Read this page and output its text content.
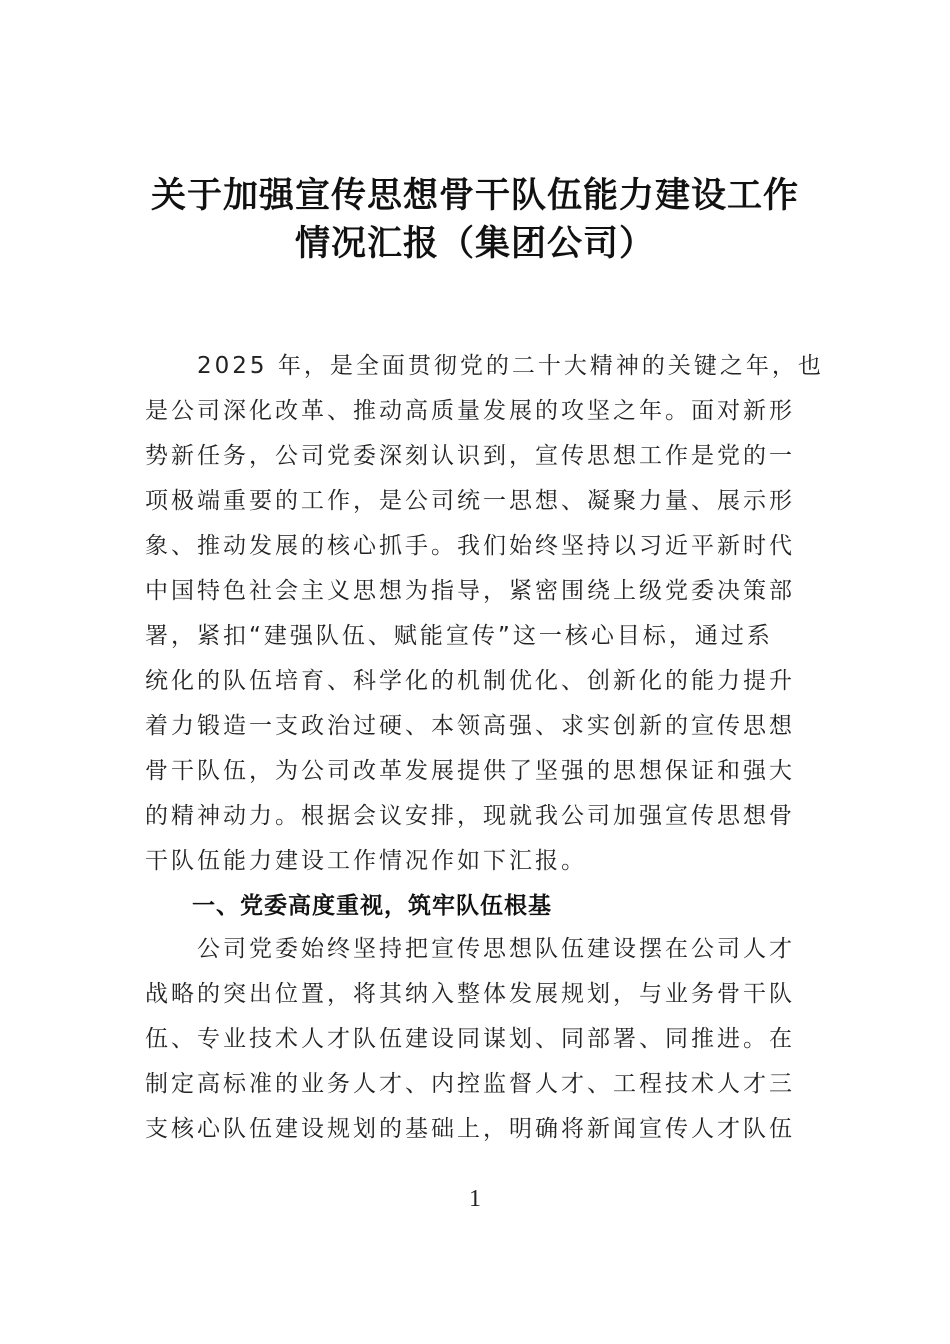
关于加强宣传思想骨干队伍能力建设工作
情况汇报（集团公司）
　　2025 年，是全面贯彻党的二十大精神的关键之年，也
是公司深化改革、推动高质量发展的攻坚之年。面对新形
势新任务，公司党委深刻认识到，宣传思想工作是党的一
项极端重要的工作，是公司统一思想、凝聚力量、展示形
象、推动发展的核心抓手。我们始终坚持以习近平新时代
中国特色社会主义思想为指导，紧密围绕上级党委决策部
署，紧扣“建强队伍、赋能宣传”这一核心目标，通过系
统化的队伍培育、科学化的机制优化、创新化的能力提升
着力锻造一支政治过硬、本领高强、求实创新的宣传思想
骨干队伍，为公司改革发展提供了坚强的思想保证和强大
的精神动力。根据会议安排，现就我公司加强宣传思想骨
干队伍能力建设工作情况作如下汇报。
一、党委高度重视，筑牢队伍根基
　　公司党委始终坚持把宣传思想队伍建设摆在公司人才
战略的突出位置，将其纳入整体发展规划，与业务骨干队
伍、专业技术人才队伍建设同谋划、同部署、同推进。在
制定高标准的业务人才、内控监督人才、工程技术人才三
支核心队伍建设规划的基础上，明确将新闻宣传人才队伍
1
